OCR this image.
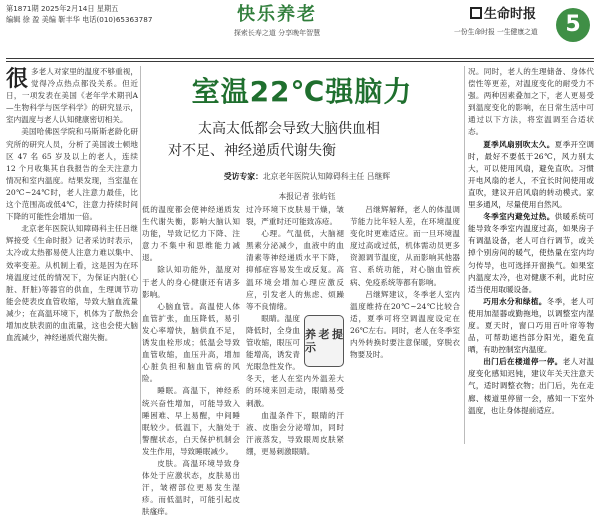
第1871期 2025年2月14日 星期五
编辑 徐 盈 美编 靳丰华 电话(010)65363787	快乐养老
探索长寿之道 分享晚年智慧
生命时报
一份生命时报 一生健康之道	5

很多老人对家里的温度不够重视，觉得冷点热点都没关系。但近日，一项发表在美国《老年学术期刊A—生物科学与医学科学》的研究显示，室内温度与老人认知健康密切相关。

美国哈佛医学院和马斯斯老龄化研究所的研究人员，分析了美国波士顿地区 47 名 65 岁及以上的老人，连续 12 个月收集其自我报告的全天注意力情况和室内温度。结果发现，当室温在20℃~24℃时，老人注意力最佳，比这个范围高或低4℃，注意力持续时间下降的可能性会增加一倍。

北京老年医院认知障碍科主任吕继辉接受《生命时报》记者采访时表示，太冷或太热都易使人注意力难以集中、效率变差。从机制上看，这是因为在环境温度过低的情况下，为保证内脏(心脏、肝脏)等器官的供血，生理调节功能会使表皮血管收缩，导致大脑血流量减少；在高温环境下，机体为了散热会增加皮肤表面的血流量，这也会使大脑血流减少，神经递质代谢失衡。

室温22℃强脑力
太高太低都会导致大脑供血相
对不足、神经递质代谢失衡
受访专家：北京老年医院认知障碍科主任 吕继辉
本报记者 张屿钰

低的温度都会使神经递质发生代谢失衡，影响大脑认知功能，导致记忆力下降、注意力不集中和思维能力减退。

除认知功能外，温度对于老人的身心健康还有诸多影响。

心脑血管。高温使人体血管扩张，血压降低，易引发心率增快，脑供血不足，诱发血栓形成；低温会导致血管收缩，血压升高，增加心脏负担和脑血管病的风险。

睡眠。高温下，神经系统兴奋性增加，可能导致入睡困难、早上易醒，中间睡眠较少。低温下，大脑处于警醒状态，白天保护机制会发生作用，导致睡眠减少。

皮肤。高温环境导致身体处于应激状态，皮肤易出汗，皱褶部位更易发生湿疹。而低温时，可能引起皮肤瘙痒。

过冷环境下皮肤易干燥，皱裂，严重时还可能致冻疮。

心理。气温低，大脑褪黑素分泌减少，血液中的血清素等神经递质水平下降，抑郁症容易发生或反复。高温环境会增加心理应激反应，引发老人的焦虑、烦躁等不良情绪。

养老提示

眼睛。温度降低时，全身血管收缩，眼压可能增高，诱发青光眼急性发作。冬天，老人在室内外温差大的环境来回走动，眼睛易受刺激。

血温条件下，眼睛的汗液、皮脂会分泌增加，同时汗液蒸发，导致眼周皮肤紧绷，更易刺激眼睛。

吕继辉解释，老人的体温调节能力比年轻人差，在环境温度变化时更难适应。而一旦环境温度过高或过低，机体需动员更多资源调节温度，从而影响其他器官、系统功能，对心脑血管疾病、免疫系统等都有影响。

吕继辉建议，冬季老人室内温度维持在20℃~24℃比较合适，夏季可将空调温度设定在26℃左右。同时，老人在冬季室内外转换时要注意保暖，穿脱衣物要及时。

况。同时，老人的生理储备、身体代偿性等更差，对温度变化的耐受力不强。两种因素叠加之下，老人更易受到温度变化的影响，在日常生活中可通过以下方法，将室温调至合适状态。

夏季风扇别吹太久。夏季开空调时，最好不要低于26℃，风力别太大，可以使用风扇，避免直吹。习惯开电风扇的老人，不宜长时间使用或直吹，建议开启风扇的转动模式。家里多通风，尽量使用自然风。

冬季室内避免过热。供暖系统可能导致冬季室内温度过高，如果房子有调温设备，老人可自行调节，或关掉个别房间的暖气，使热量在室内均匀传导，也可选择开窗换气。如果室内温度太冷，也对健康不利，此时应适当使用取暖设备。

巧用水分和绿植。冬季，老人可使用加湿器或勤拖地，以调整室内湿度。夏天时，窗口巧用百叶帘等物品，可帮助遮挡部分阳光，避免直晒，有助控制室内温度。

出门后在楼道停一停。老人对温度变化感知迟钝，建议年关天注意天气，适时调整衣物；出门后，先在走廊、楼道里停留一会，感知一下室外温度，也让身体提前适应。
